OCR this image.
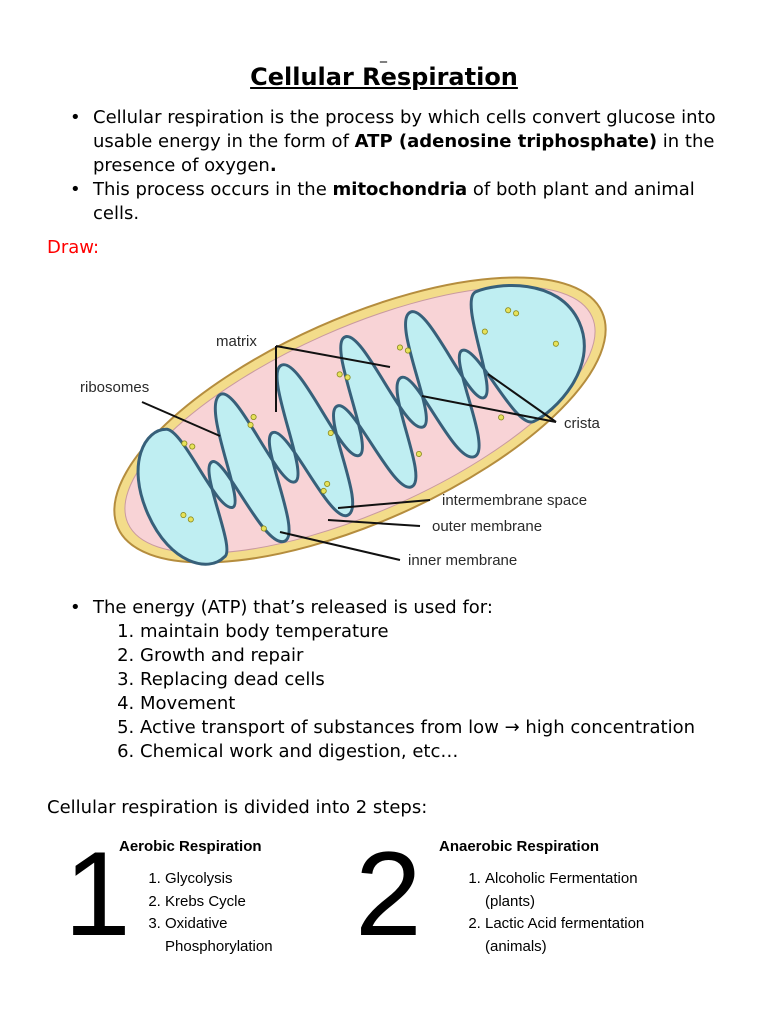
_
Cellular Respiration
• Cellular respiration is the process by which cells convert glucose into usable energy in the form of ATP (adenosine triphosphate) in the presence of oxygen.
• This process occurs in the mitochondria of both plant and animal cells.
Draw:
matrix
ribosomes
crista
intermembrane space
outer membrane
inner membrane
• The energy (ATP) that’s released is used for:
1. maintain body temperature
2. Growth and repair
3. Replacing dead cells
4. Movement
5. Active transport of substances from low → high concentration
6. Chemical work and digestion, etc…
Cellular respiration is divided into 2 steps:
1
Aerobic Respiration
1. Glycolysis
2. Krebs Cycle
3. Oxidative Phosphorylation 2 Anaerobic Respiration
1. Alcoholic Fermentation (plants)
2. Lactic Acid fermentation (animals)
